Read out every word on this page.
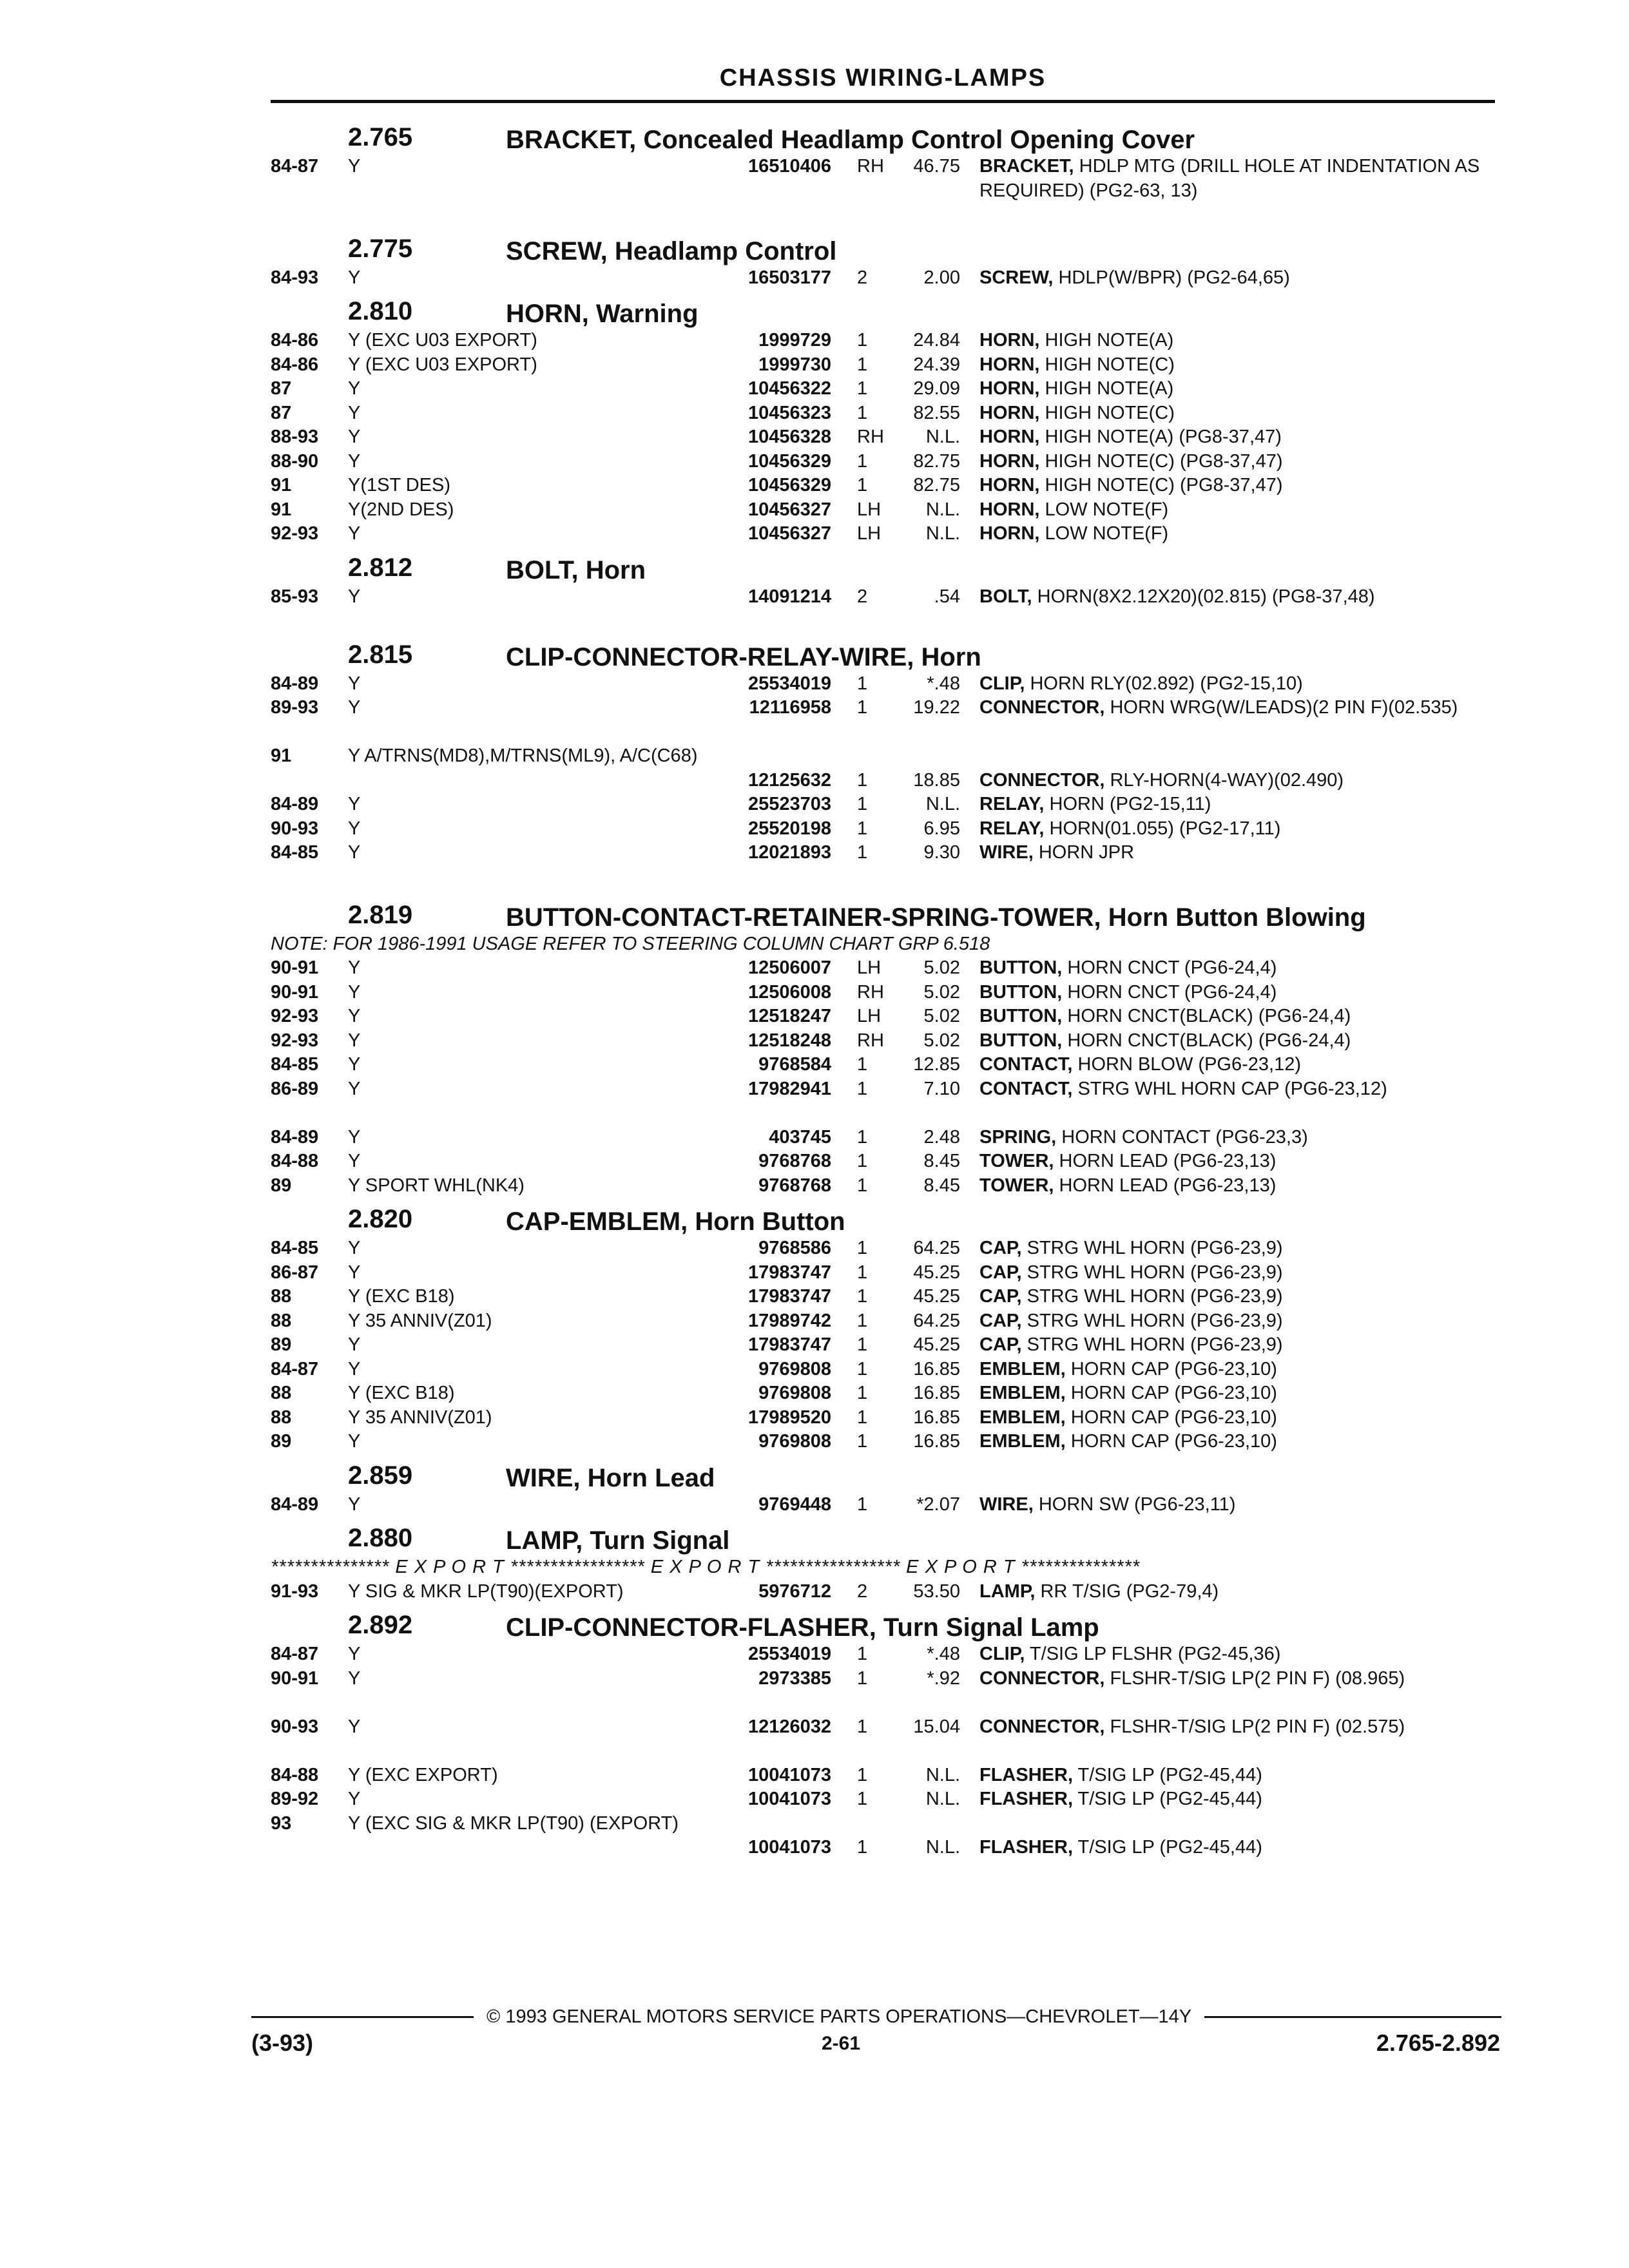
CHASSIS WIRING-LAMPS
2.765	BRACKET, Concealed Headlamp Control Opening Cover
84-87	Y	16510406	RH	46.75	BRACKET, HDLP MTG (DRILL HOLE AT INDENTATION AS REQUIRED) (PG2-63, 13)
2.775	SCREW, Headlamp Control
84-93	Y	16503177	2	2.00	SCREW, HDLP(W/BPR) (PG2-64,65)
2.810	HORN, Warning
84-86	Y (EXC U03 EXPORT)	1999729	1	24.84	HORN, HIGH NOTE(A)
84-86	Y (EXC U03 EXPORT)	1999730	1	24.39	HORN, HIGH NOTE(C)
87	Y	10456322	1	29.09	HORN, HIGH NOTE(A)
87	Y	10456323	1	82.55	HORN, HIGH NOTE(C)
88-93	Y	10456328	RH	N.L.	HORN, HIGH NOTE(A) (PG8-37,47)
88-90	Y	10456329	1	82.75	HORN, HIGH NOTE(C) (PG8-37,47)
91	Y(1ST DES)	10456329	1	82.75	HORN, HIGH NOTE(C) (PG8-37,47)
91	Y(2ND DES)	10456327	LH	N.L.	HORN, LOW NOTE(F)
92-93	Y	10456327	LH	N.L.	HORN, LOW NOTE(F)
2.812	BOLT, Horn
85-93	Y	14091214	2	.54	BOLT, HORN(8X2.12X20)(02.815) (PG8-37,48)
2.815	CLIP-CONNECTOR-RELAY-WIRE, Horn
84-89	Y	25534019	1	*.48	CLIP, HORN RLY(02.892) (PG2-15,10)
89-93	Y	12116958	1	19.22	CONNECTOR, HORN WRG(W/LEADS)(2 PIN F)(02.535)
91	Y A/TRNS(MD8),M/TRNS(ML9), A/C(C68)
12125632	1	18.85	CONNECTOR, RLY-HORN(4-WAY)(02.490)
84-89	Y	25523703	1	N.L.	RELAY, HORN (PG2-15,11)
90-93	Y	25520198	1	6.95	RELAY, HORN(01.055) (PG2-17,11)
84-85	Y	12021893	1	9.30	WIRE, HORN JPR
2.819	BUTTON-CONTACT-RETAINER-SPRING-TOWER, Horn Button Blowing
NOTE: FOR 1986-1991 USAGE REFER TO STEERING COLUMN CHART GRP 6.518
90-91	Y	12506007	LH	5.02	BUTTON, HORN CNCT (PG6-24,4)
90-91	Y	12506008	RH	5.02	BUTTON, HORN CNCT (PG6-24,4)
92-93	Y	12518247	LH	5.02	BUTTON, HORN CNCT(BLACK) (PG6-24,4)
92-93	Y	12518248	RH	5.02	BUTTON, HORN CNCT(BLACK) (PG6-24,4)
84-85	Y	9768584	1	12.85	CONTACT, HORN BLOW (PG6-23,12)
86-89	Y	17982941	1	7.10	CONTACT, STRG WHL HORN CAP (PG6-23,12)
84-89	Y	403745	1	2.48	SPRING, HORN CONTACT (PG6-23,3)
84-88	Y	9768768	1	8.45	TOWER, HORN LEAD (PG6-23,13)
89	Y SPORT WHL(NK4)	9768768	1	8.45	TOWER, HORN LEAD (PG6-23,13)
2.820	CAP-EMBLEM, Horn Button
84-85	Y	9768586	1	64.25	CAP, STRG WHL HORN (PG6-23,9)
86-87	Y	17983747	1	45.25	CAP, STRG WHL HORN (PG6-23,9)
88	Y (EXC B18)	17983747	1	45.25	CAP, STRG WHL HORN (PG6-23,9)
88	Y 35 ANNIV(Z01)	17989742	1	64.25	CAP, STRG WHL HORN (PG6-23,9)
89	Y	17983747	1	45.25	CAP, STRG WHL HORN (PG6-23,9)
84-87	Y	9769808	1	16.85	EMBLEM, HORN CAP (PG6-23,10)
88	Y (EXC B18)	9769808	1	16.85	EMBLEM, HORN CAP (PG6-23,10)
88	Y 35 ANNIV(Z01)	17989520	1	16.85	EMBLEM, HORN CAP (PG6-23,10)
89	Y	9769808	1	16.85	EMBLEM, HORN CAP (PG6-23,10)
2.859	WIRE, Horn Lead
84-89	Y	9769448	1	*2.07	WIRE, HORN SW (PG6-23,11)
2.880	LAMP, Turn Signal
*************** E X P O R T ***************** E X P O R T ***************** E X P O R T ***************
91-93	Y SIG & MKR LP(T90)(EXPORT)	5976712	2	53.50	LAMP, RR T/SIG (PG2-79,4)
2.892	CLIP-CONNECTOR-FLASHER, Turn Signal Lamp
84-87	Y	25534019	1	*.48	CLIP, T/SIG LP FLSHR (PG2-45,36)
90-91	Y	2973385	1	*.92	CONNECTOR, FLSHR-T/SIG LP(2 PIN F) (08.965)
90-93	Y	12126032	1	15.04	CONNECTOR, FLSHR-T/SIG LP(2 PIN F) (02.575)
84-88	Y (EXC EXPORT)	10041073	1	N.L.	FLASHER, T/SIG LP (PG2-45,44)
89-92	Y	10041073	1	N.L.	FLASHER, T/SIG LP (PG2-45,44)
93	Y (EXC SIG & MKR LP(T90) (EXPORT)
10041073	1	N.L.	FLASHER, T/SIG LP (PG2-45,44)
© 1993 GENERAL MOTORS SERVICE PARTS OPERATIONS—CHEVROLET—14Y
(3-93)	2-61	2.765-2.892
